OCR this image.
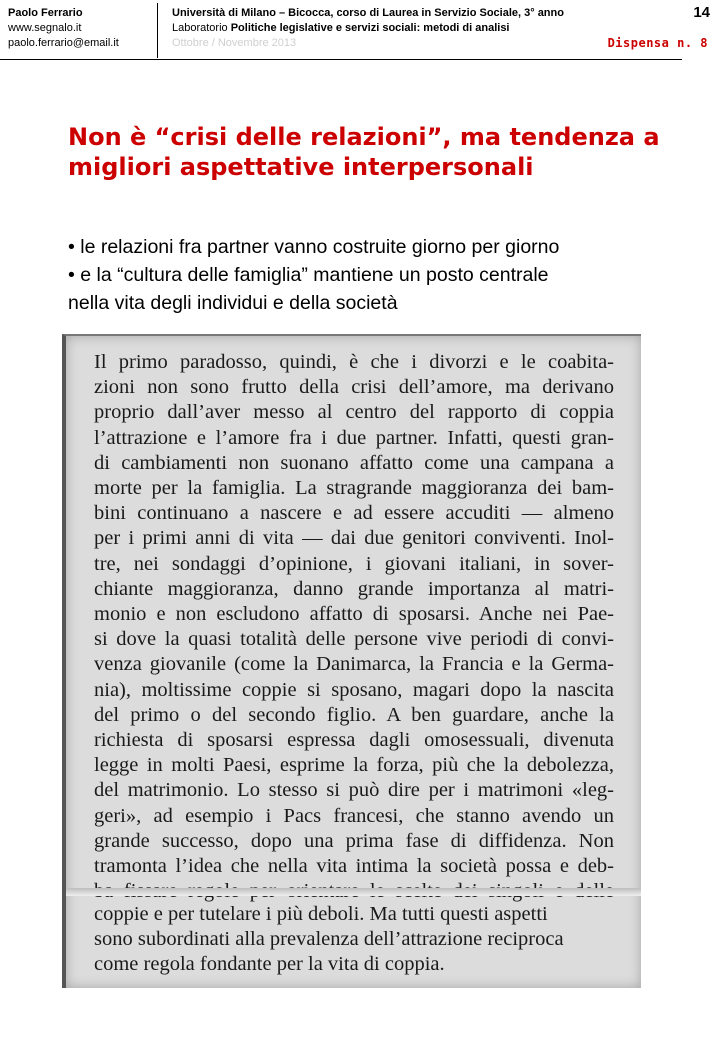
Paolo Ferrario
www.segnalo.it
paolo.ferrario@email.it
Università di Milano – Bicocca, corso di Laurea in Servizio Sociale, 3° anno
Laboratorio Politiche legislative e servizi sociali: metodi di analisi
Ottobre / Novembre 2013
14
Dispensa n. 8

Non è “crisi delle relazioni”, ma tendenza a

migliori aspettative interpersonali

• le relazioni fra partner vanno costruite giorno per giorno

• e la “cultura delle famiglia” mantiene un posto centrale

nella vita degli individui e della società

Il primo paradosso, quindi, è che i divorzi e le coabita-
zioni non sono frutto della crisi dell’amore, ma derivano
proprio dall’aver messo al centro del rapporto di coppia
l’attrazione e l’amore fra i due partner. Infatti, questi gran-
di cambiamenti non suonano affatto come una campana a
morte per la famiglia. La stragrande maggioranza dei bam-
bini continuano a nascere e ad essere accuditi — almeno
per i primi anni di vita — dai due genitori conviventi. Inol-
tre, nei sondaggi d’opinione, i giovani italiani, in sover-
chiante maggioranza, danno grande importanza al matri-
monio e non escludono affatto di sposarsi. Anche nei Pae-
si dove la quasi totalità delle persone vive periodi di convi-
venza giovanile (come la Danimarca, la Francia e la Germa-
nia), moltissime coppie si sposano, magari dopo la nascita
del primo o del secondo figlio. A ben guardare, anche la
richiesta di sposarsi espressa dagli omosessuali, divenuta
legge in molti Paesi, esprime la forza, più che la debolezza,
del matrimonio. Lo stesso si può dire per i matrimoni «leg-
geri», ad esempio i Pacs francesi, che stanno avendo un
grande successo, dopo una prima fase di diffidenza. Non
tramonta l’idea che nella vita intima la società possa e deb-
coppie e per tutelare i più deboli. Ma tutti questi aspetti
sono subordinati alla prevalenza dell’attrazione reciproca
come regola fondante per la vita di coppia.
